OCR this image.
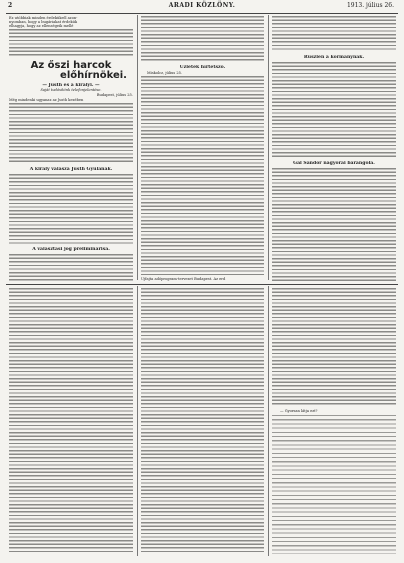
2	ARADI KÖZLÖNY.	1913. július 26.
Ez utóbbiak minden érdekükről azon-
nyomban, hogy a bugáriakat érdekük
elhagyja, hogy az ellenségeik mellé
Az őszi harcok
előhírnökei.
— Justh és a királyi. —
Saját tudósítónk telefonjelentése.
Budapest, július 25.
Még mindenki ugyanaz az Justh kezében
A király válasza Justh Gyulának.
A választási jog preliminárisa.
Üzletek hírtetsző.
Miskolcz, július 25.
Újfajta adóprogram-tervezet Budapest. Az erd
Ruszlen a kormánynak.
Gál Sándor nagyorai barangolá.
— Gyorsan látja ezt?
